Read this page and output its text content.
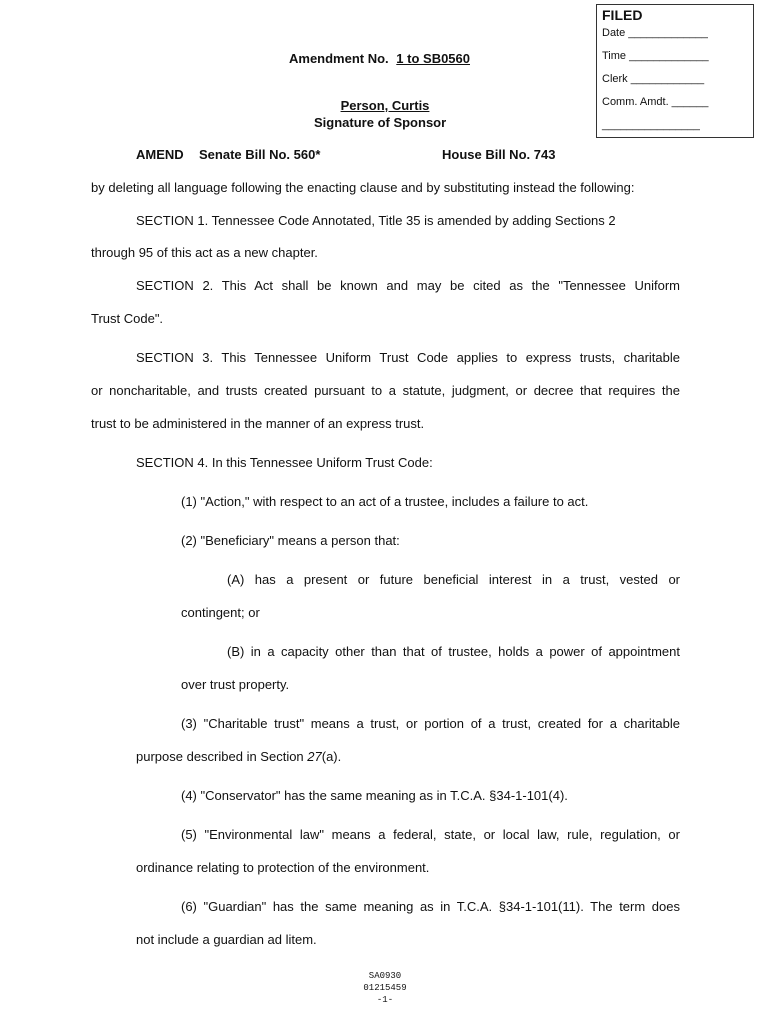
FILED
Date _____________
Time _____________
Clerk ____________
Comm. Amdt. ______
________________
Amendment No. 1 to SB0560
Person, Curtis
Signature of Sponsor
AMEND Senate Bill No. 560*	House Bill No. 743
by deleting all language following the enacting clause and by substituting instead the following:
SECTION 1. Tennessee Code Annotated, Title 35 is amended by adding Sections 2
through 95 of this act as a new chapter.
SECTION 2. This Act shall be known and may be cited as the "Tennessee Uniform
Trust Code".
SECTION 3. This Tennessee Uniform Trust Code applies to express trusts, charitable
or noncharitable, and trusts created pursuant to a statute, judgment, or decree that requires the
trust to be administered in the manner of an express trust.
SECTION 4. In this Tennessee Uniform Trust Code:
(1) "Action," with respect to an act of a trustee, includes a failure to act.
(2) "Beneficiary" means a person that:
(A) has a present or future beneficial interest in a trust, vested or
contingent; or
(B) in a capacity other than that of trustee, holds a power of appointment
over trust property.
(3) "Charitable trust" means a trust, or portion of a trust, created for a charitable
purpose described in Section 27(a).
(4) "Conservator" has the same meaning as in T.C.A. §34-1-101(4).
(5) "Environmental law" means a federal, state, or local law, rule, regulation, or
ordinance relating to protection of the environment.
(6) "Guardian" has the same meaning as in T.C.A. §34-1-101(11). The term does
not include a guardian ad litem.
SA0930
01215459
-1-
